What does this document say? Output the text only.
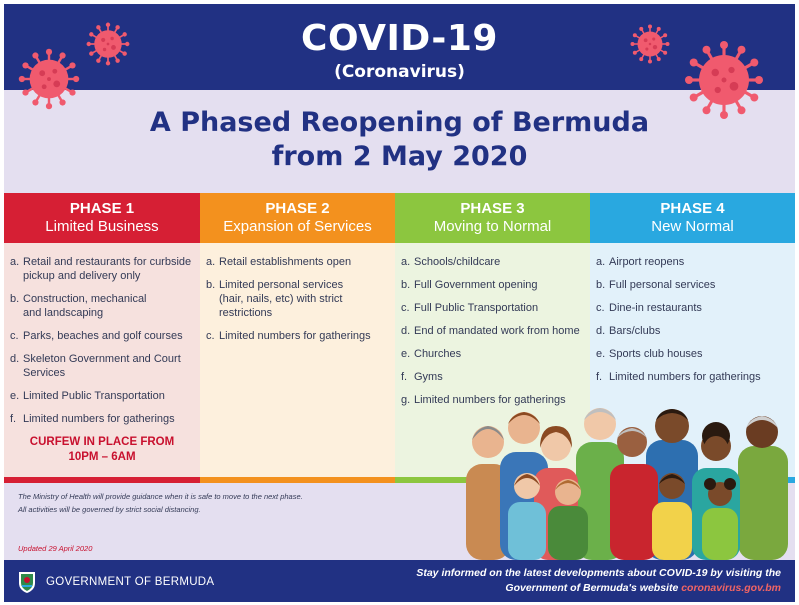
COVID-19
(Coronavirus)
A Phased Reopening of Bermuda
from 2 May 2020
PHASE 1
Limited Business
a. Retail and restaurants for curbside
pickup and delivery only
b. Construction, mechanical
and landscaping
c. Parks, beaches and golf courses
d. Skeleton Government and Court
Services
e. Limited Public Transportation
f. Limited numbers for gatherings
CURFEW IN PLACE FROM
10PM – 6AM
PHASE 2
Expansion of Services
a. Retail establishments open
b. Limited personal services
(hair, nails, etc) with strict
restrictions
c. Limited numbers for gatherings
PHASE 3
Moving to Normal
a. Schools/childcare
b. Full Government opening
c. Full Public Transportation
d. End of mandated work from home
e. Churches
f. Gyms
g. Limited numbers for gatherings
PHASE 4
New Normal
a. Airport reopens
b. Full personal services
c. Dine-in restaurants
d. Bars/clubs
e. Sports club houses
f. Limited numbers for gatherings
The Ministry of Health will provide guidance when it is safe to move to the next phase.
All activities will be governed by strict social distancing.
Updated 29 April 2020
GOVERNMENT OF BERMUDA
Stay informed on the latest developments about COVID-19 by visiting the
Government of Bermuda's website coronavirus.gov.bm
